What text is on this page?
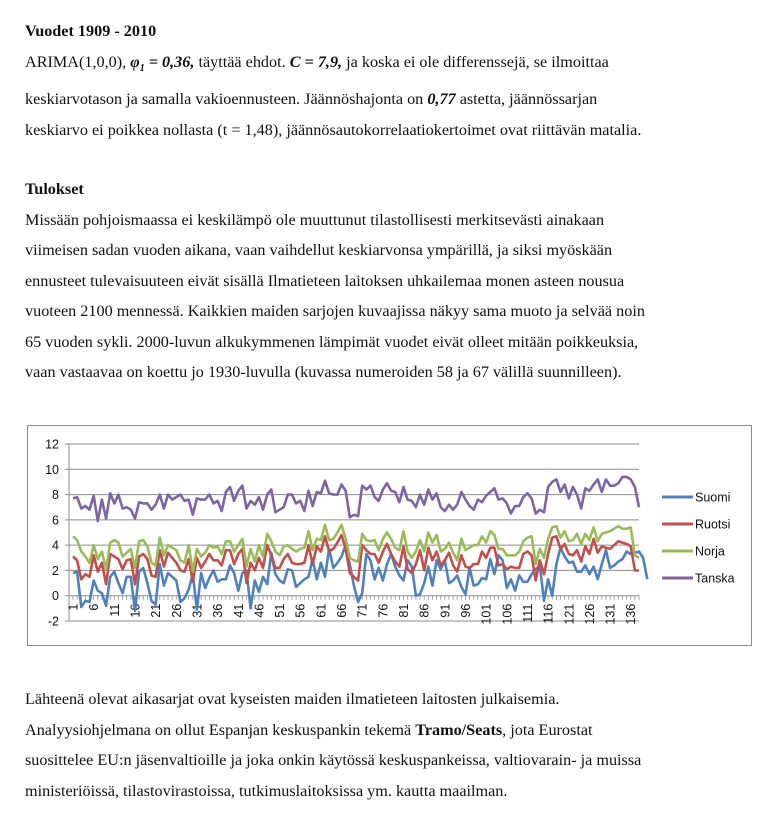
Vuodet 1909 - 2010
ARIMA(1,0,0), $\varphi_1 = 0,36$, täyttää ehdot. C = 7,9, ja koska ei ole differenssejä, se ilmoittaa
keskiarvotason ja samalla vakioennusteen. Jäännöshajonta on 0,77 astetta, jäännössarjan
keskiarvo ei poikkea nollasta (t = 1,48), jäännösautokorrelaatiokertoimet ovat riittävän matalia.
Tulokset
Missään pohjoismaassa ei keskilämpö ole muuttunut tilastollisesti merkitsevästi ainakaan
viimeisen sadan vuoden aikana, vaan vaihdellut keskiarvonsa ympärillä, ja siksi myöskään
ennusteet tulevaisuuteen eivät sisällä Ilmatieteen laitoksen uhkailemaa monen asteen nousua
vuoteen 2100 mennessä. Kaikkien maiden sarjojen kuvaajissa näkyy sama muoto ja selvää noin
65 vuoden sykli. 2000-luvun alkukymmenen lämpimät vuodet eivät olleet mitään poikkeuksia,
vaan vastaavaa on koettu jo 1930-luvulla (kuvassa numeroiden 58 ja 67 välillä suunnilleen).
-2
0
2
4
6
8
10
12
1 6 11 16 21 26 31 36 41 46 51 56 61 66 71 76 81 86 91 96 101 106 111 116 121 126 131 136
Suomi
Ruotsi
Norja
Tanska
Lähteenä olevat aikasarjat ovat kyseisten maiden ilmatieteen laitosten julkaisemia.
Analyysiohjelmana on ollut Espanjan keskuspankin tekemä Tramo/Seats, jota Eurostat
suosittelee EU:n jäsenvaltioille ja joka onkin käytössä keskuspankeissa, valtiovarain- ja muissa
ministeriöissä, tilastovirastoissa, tutkimuslaitoksissa ym. kautta maailman.
